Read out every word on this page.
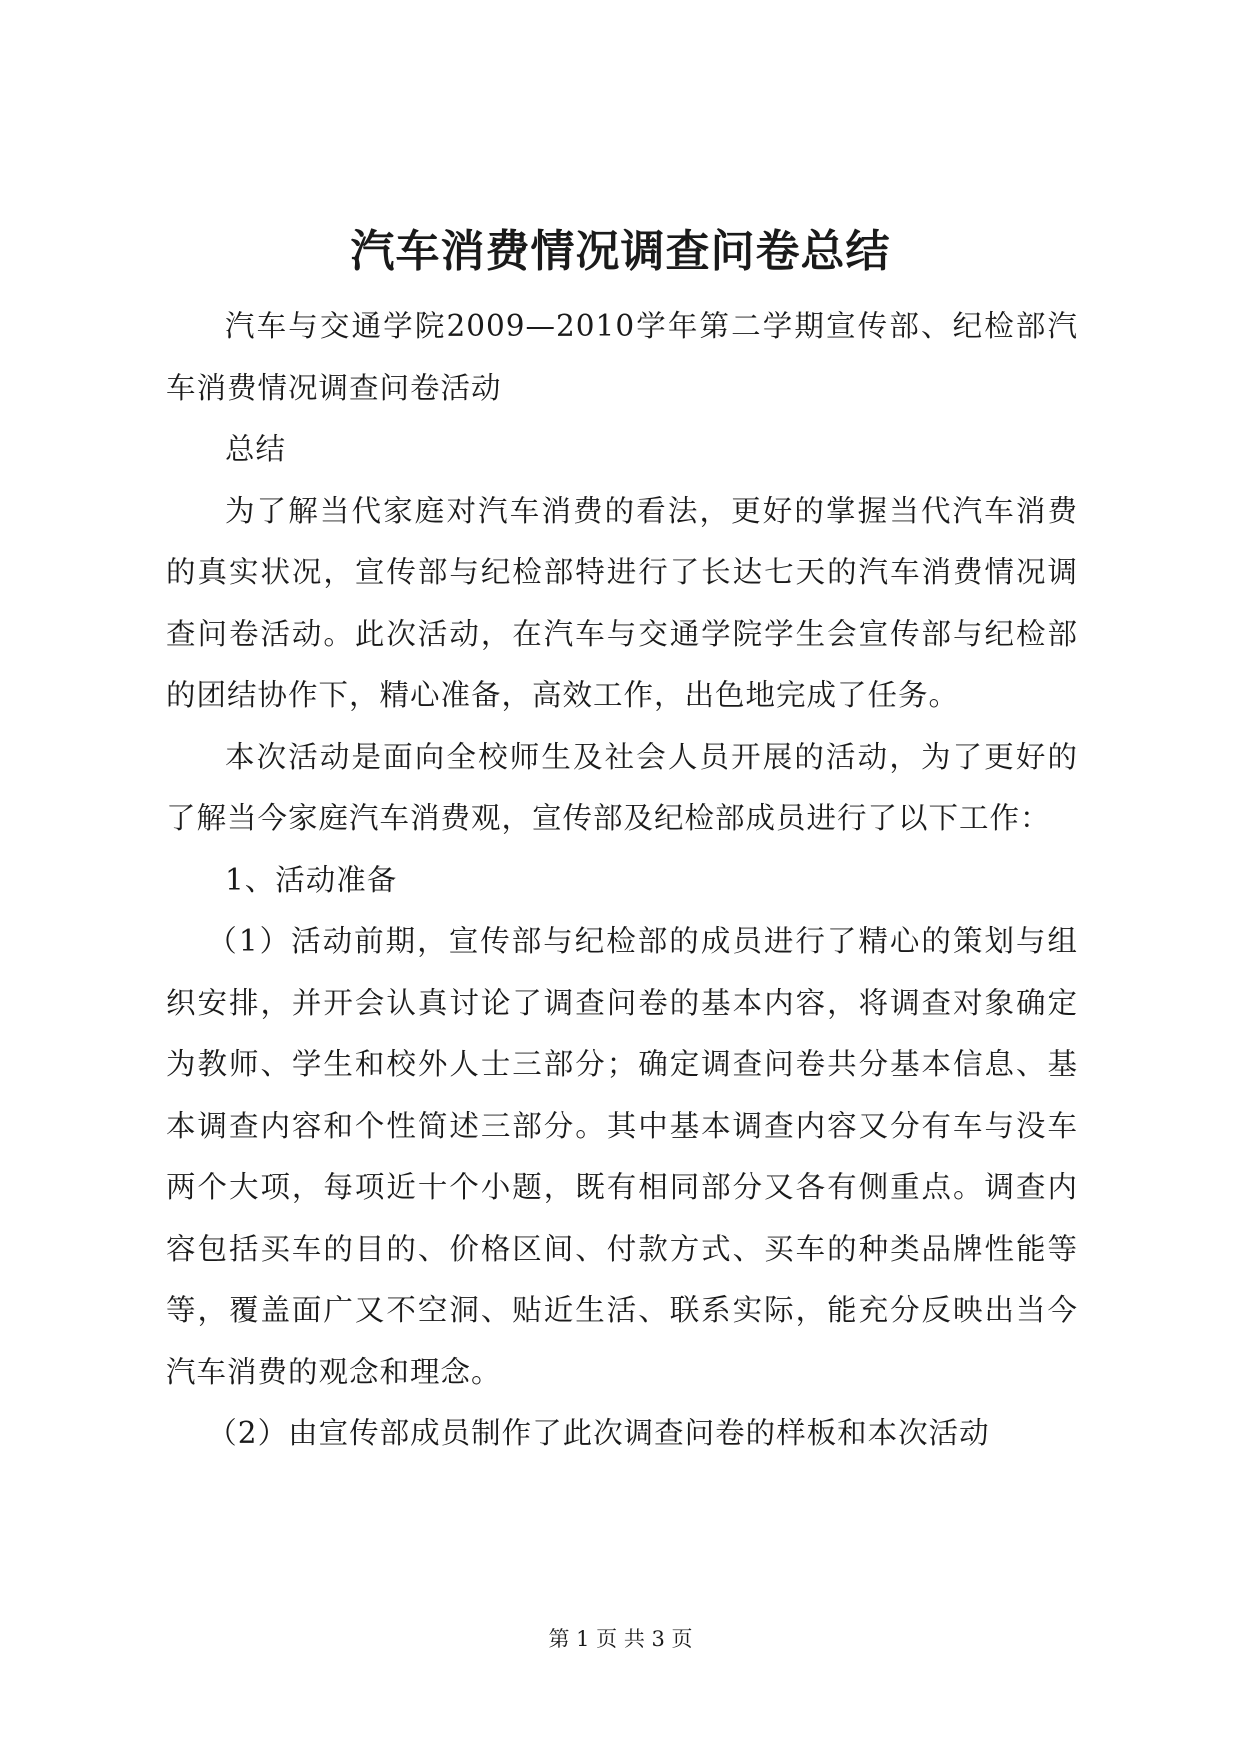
汽车消费情况调查问卷总结

汽车与交通学院2009—2010学年第二学期宣传部、纪检部汽车消费情况调查问卷活动

总结

为了解当代家庭对汽车消费的看法，更好的掌握当代汽车消费的真实状况，宣传部与纪检部特进行了长达七天的汽车消费情况调查问卷活动。此次活动，在汽车与交通学院学生会宣传部与纪检部的团结协作下，精心准备，高效工作，出色地完成了任务。

本次活动是面向全校师生及社会人员开展的活动，为了更好的了解当今家庭汽车消费观，宣传部及纪检部成员进行了以下工作：

1、活动准备

（1）活动前期，宣传部与纪检部的成员进行了精心的策划与组织安排，并开会认真讨论了调查问卷的基本内容，将调查对象确定为教师、学生和校外人士三部分；确定调查问卷共分基本信息、基本调查内容和个性简述三部分。其中基本调查内容又分有车与没车两个大项，每项近十个小题，既有相同部分又各有侧重点。调查内容包括买车的目的、价格区间、付款方式、买车的种类品牌性能等等，覆盖面广又不空洞、贴近生活、联系实际，能充分反映出当今汽车消费的观念和理念。

（2）由宣传部成员制作了此次调查问卷的样板和本次活动

第 1 页 共 3 页
